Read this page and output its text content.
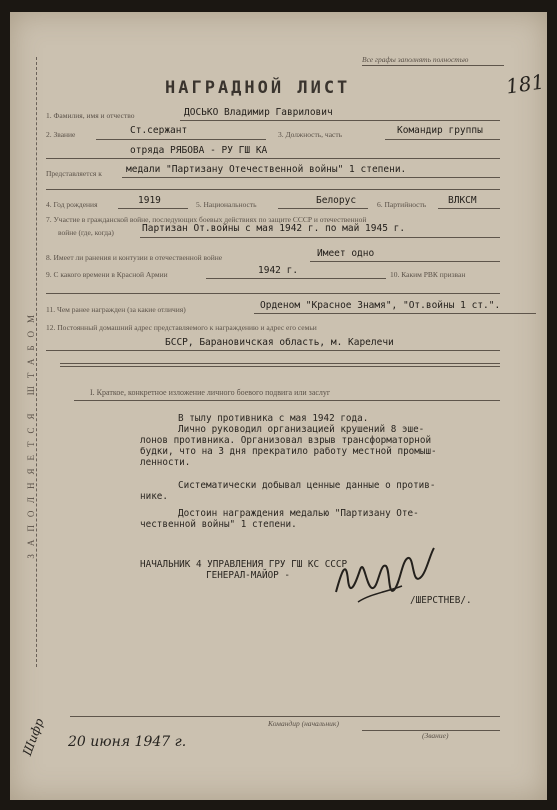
Все графы заполнять полностью
181
НАГРАДНОЙ ЛИСТ
1. Фамилия, имя и отчество	ДОСЬКО Владимир Гаврилович
2. Звание	Ст.сержант	3. Должность, часть	Командир группы
отряда РЯБОВА - РУ ГШ КА
Представляется к	медали "Партизану Отечественной войны" 1 степени.
4. Год рождения	1919	5. Национальность	Белорус	6. Партийность ВЛКСМ
7. Участие в гражданской войне, последующих боевых действиях по защите СССР и отечественной
войне (где, когда)	Партизан От.войны с мая 1942 г. по май 1945 г.
8. Имеет ли ранения и контузии в отечественной войне	Имеет одно
9. С какого времени в Красной Армии	1942 г.	10. Каким РВК призван
11. Чем ранее награжден (за какие отличия)	Орденом "Красное Знамя", "От.войны 1 ст.".
12. Постоянный домашний адрес представляемого к награждению и адрес его семьи
БССР, Барановичская область, м. Карелечи
ЗАПОЛНЯЕТСЯ ШТАБОМ	I. Краткое, конкретное изложение личного боевого подвига или заслуг
В тылу противника с мая 1942 года.
Лично руководил организацией крушений 8 эше-
лонов противника. Организовал взрыв трансформаторной
будки, что на 3 дня прекратило работу местной промыш-
ленности.
Систематически добывал ценные данные о против-
нике.
Достоин награждения медалью "Партизану Оте-
чественной войны" 1 степени.
НАЧАЛЬНИК 4 УПРАВЛЕНИЯ ГРУ ГШ КС СССР
ГЕНЕРАЛ-МАЙОР -
/ШЕРСТНЕВ/.
Командир (начальник)
(Звание)
20 июня 1947 г.
Шифр
